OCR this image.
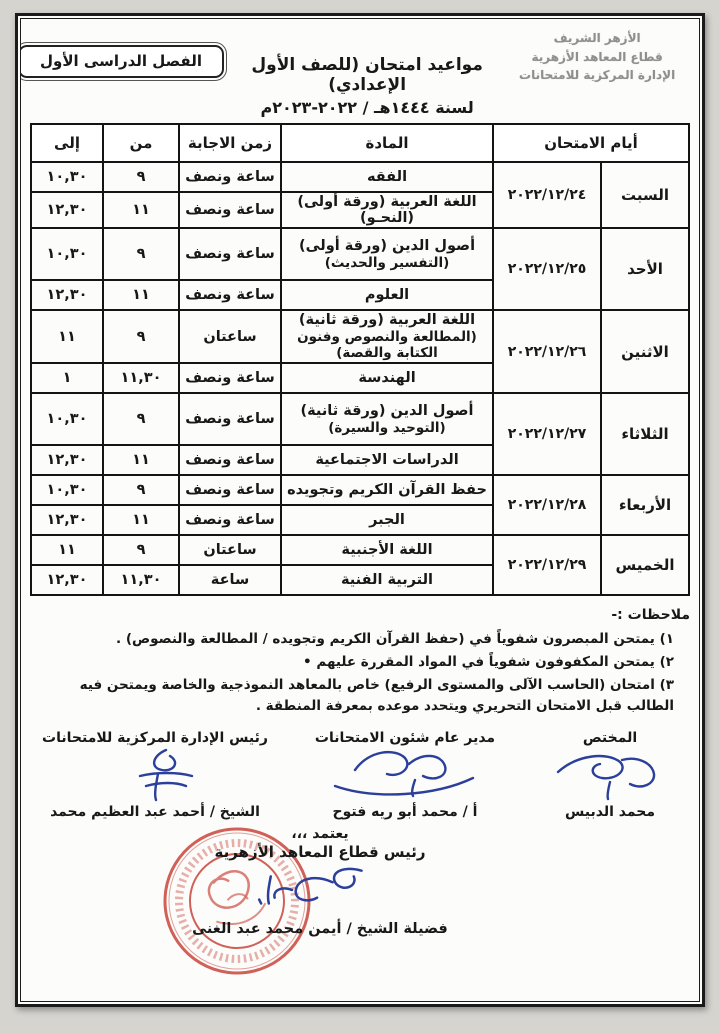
الأزهر الشريف
قطاع المعاهد الأزهرية
الإدارة المركزية للامتحانات
مواعيد امتحان (للصف الأول الإعدادي)
لسنة ١٤٤٤هـ / ٢٠٢٢-٢٠٢٣م
الفصل الدراسى الأول
أيام الامتحان		المادة	زمن الاجابة	من	إلى
السبت	٢٠٢٢/١٢/٢٤	الفقه	ساعة ونصف	٩	١٠,٣٠
		اللغة العربية (ورقة أولى) (النحـو)	ساعة ونصف	١١	١٢,٣٠
الأحد	٢٠٢٢/١٢/٢٥	أصول الدين (ورقة أولى)
(التفسير والحديث)	ساعة ونصف	٩	١٠,٣٠
		العلوم	ساعة ونصف	١١	١٢,٣٠
الاثنين	٢٠٢٢/١٢/٢٦	اللغة العربية (ورقة ثانية)
(المطالعة والنصوص وفنون الكتابة والقصة)	ساعتان	٩	١١
		الهندسة	ساعة ونصف	١١,٣٠	١
الثلاثاء	٢٠٢٢/١٢/٢٧	أصول الدين (ورقة ثانية)
(التوحيد والسيرة)	ساعة ونصف	٩	١٠,٣٠
		الدراسات الاجتماعية	ساعة ونصف	١١	١٢,٣٠
الأربعاء	٢٠٢٢/١٢/٢٨	حفظ القرآن الكريم وتجويده	ساعة ونصف	٩	١٠,٣٠
		الجبر	ساعة ونصف	١١	١٢,٣٠
الخميس	٢٠٢٢/١٢/٢٩	اللغة الأجنبية	ساعتان	٩	١١
		التربية الفنية	ساعة	١١,٣٠	١٢,٣٠
ملاحظات :-
١) يمتحن المبصرون شفوياً في (حفظ القرآن الكريم وتجويده / المطالعة والنصوص) .
٢) يمتحن المكفوفون شفوياً في المواد المقررة عليهم •
٣) امتحان (الحاسب الآلى والمستوى الرفيع) خاص بالمعاهد النموذجية والخاصة ويمتحن فيه الطالب قبل الامتحان التحريري ويتحدد موعده بمعرفة المنطقة .
المختص
محمد الدبيس
مدير عام شئون الامتحانات
أ / محمد أبو ريه فتوح
رئيس الإدارة المركزية للامتحانات
الشيخ / أحمد عبد العظيم محمد
يعتمد ،،،
رئيس قطاع المعاهد الأزهرية
فضيلة الشيخ / أيمن محمد عبد الغنى
